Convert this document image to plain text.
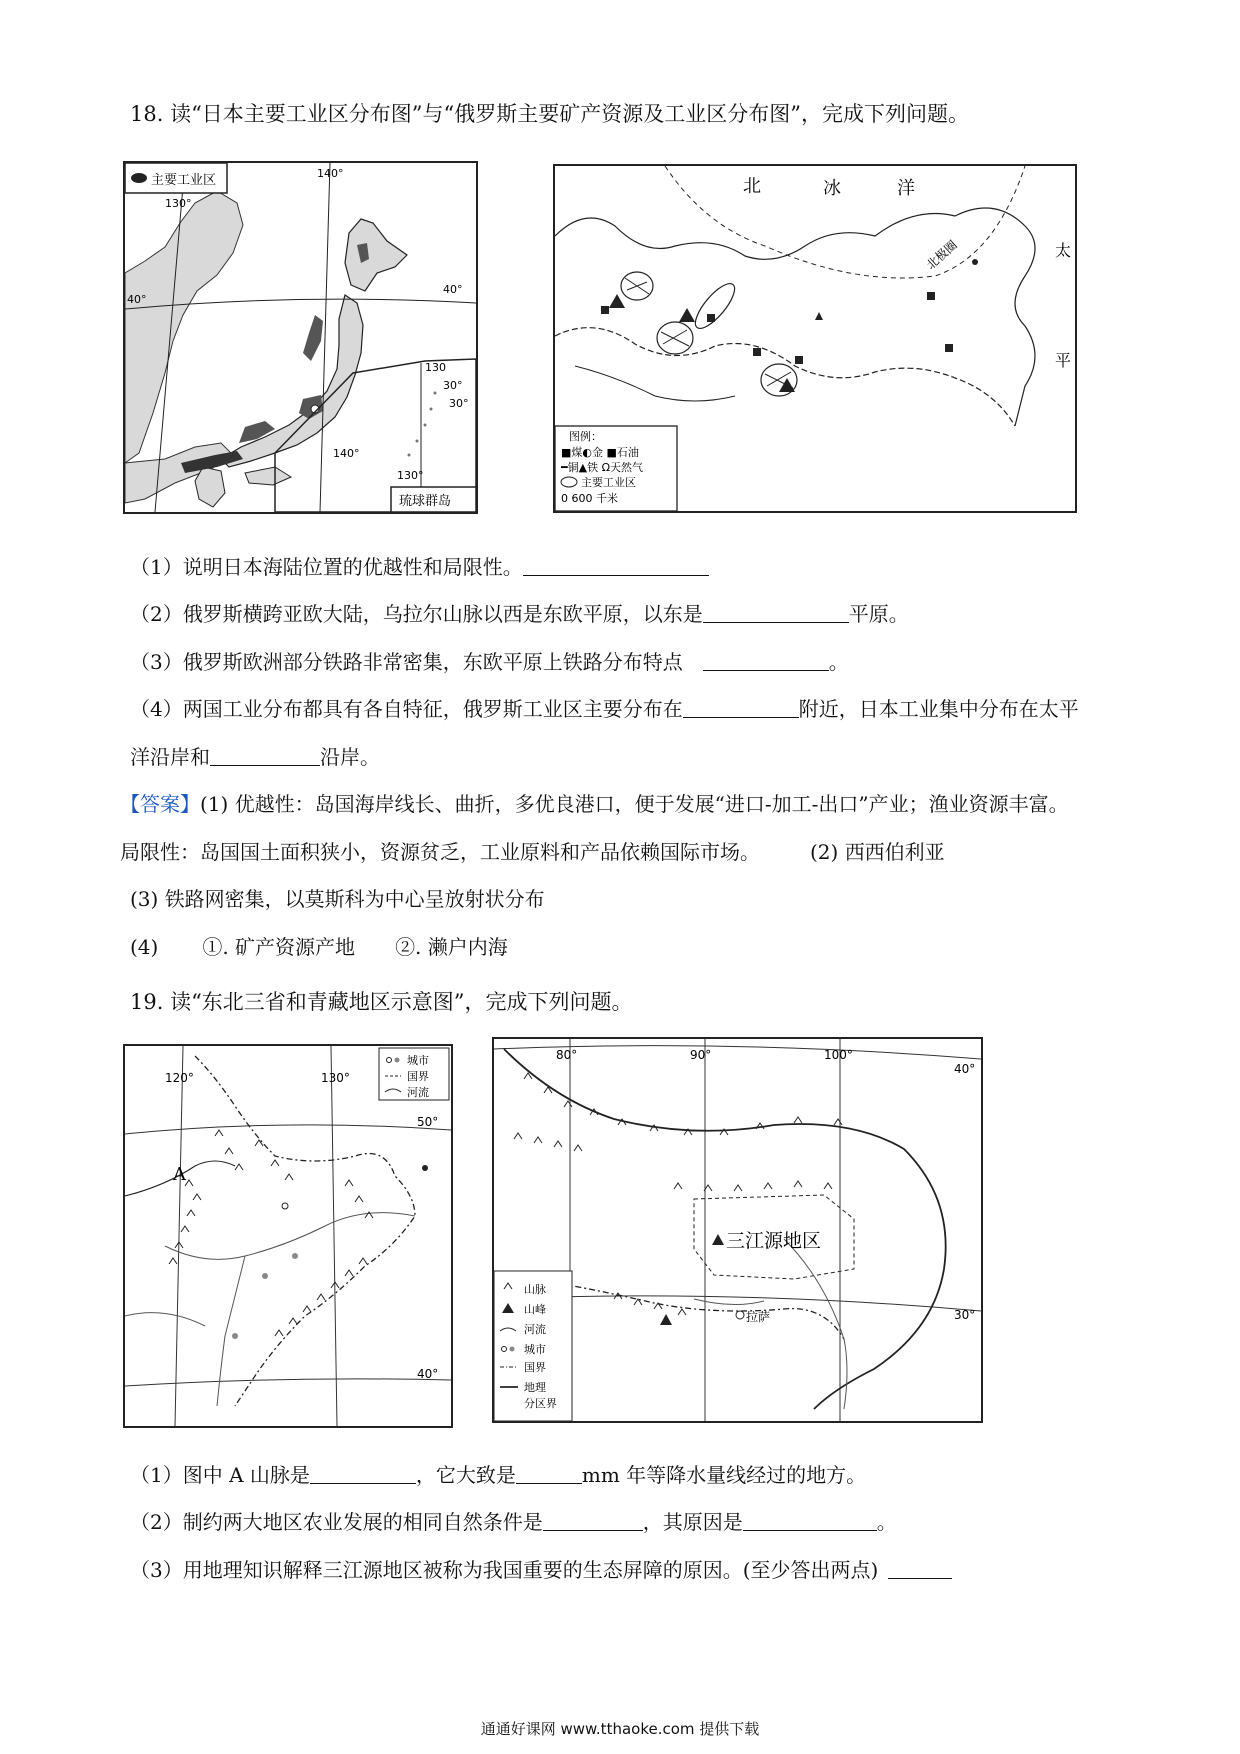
18. 读“日本主要工业区分布图”与“俄罗斯主要矿产资源及工业区分布图”，完成下列问题。
主要工业区	140°
130°
140°
130°
40°
40°
30°
130
30°
琉球群岛
北	冰	洋
太
平
北极圈
图例：
■煤◐金 ■石油
━铜▲铁 Ω天然气
主要工业区
0 600 千米
（1）说明日本海陆位置的优越性和局限性。
（2）俄罗斯横跨亚欧大陆，乌拉尔山脉以西是东欧平原，以东是	平原。
（3）俄罗斯欧洲部分铁路非常密集，东欧平原上铁路分布特点	。
（4）两国工业分布都具有各自特征，俄罗斯工业区主要分布在	附近，日本工业集中分布在太平
洋沿岸和	沿岸。
【答案】(1) 优越性：岛国海岸线长、曲折，多优良港口，便于发展“进口-加工-出口”产业；渔业资源丰富。
局限性：岛国国土面积狭小，资源贫乏，工业原料和产品依赖国际市场。	(2) 西西伯利亚
(3) 铁路网密集，以莫斯科为中心呈放射状分布
(4) ①. 矿产资源产地 ②. 濑户内海
19. 读“东北三省和青藏地区示意图”，完成下列问题。
120°	130°
50°
40°
A
城市
国界
河流
80°	90°	100°
40°
30°
三江源地区
拉萨
山脉
山峰
河流
城市
国界
地理
分区界
（1）图中 A 山脉是	，它大致是	mm 年等降水量线经过的地方。
（2）制约两大地区农业发展的相同自然条件是	，其原因是	。
（3）用地理知识解释三江源地区被称为我国重要的生态屏障的原因。(至少答出两点)
通通好课网 www.tthaoke.com 提供下载
